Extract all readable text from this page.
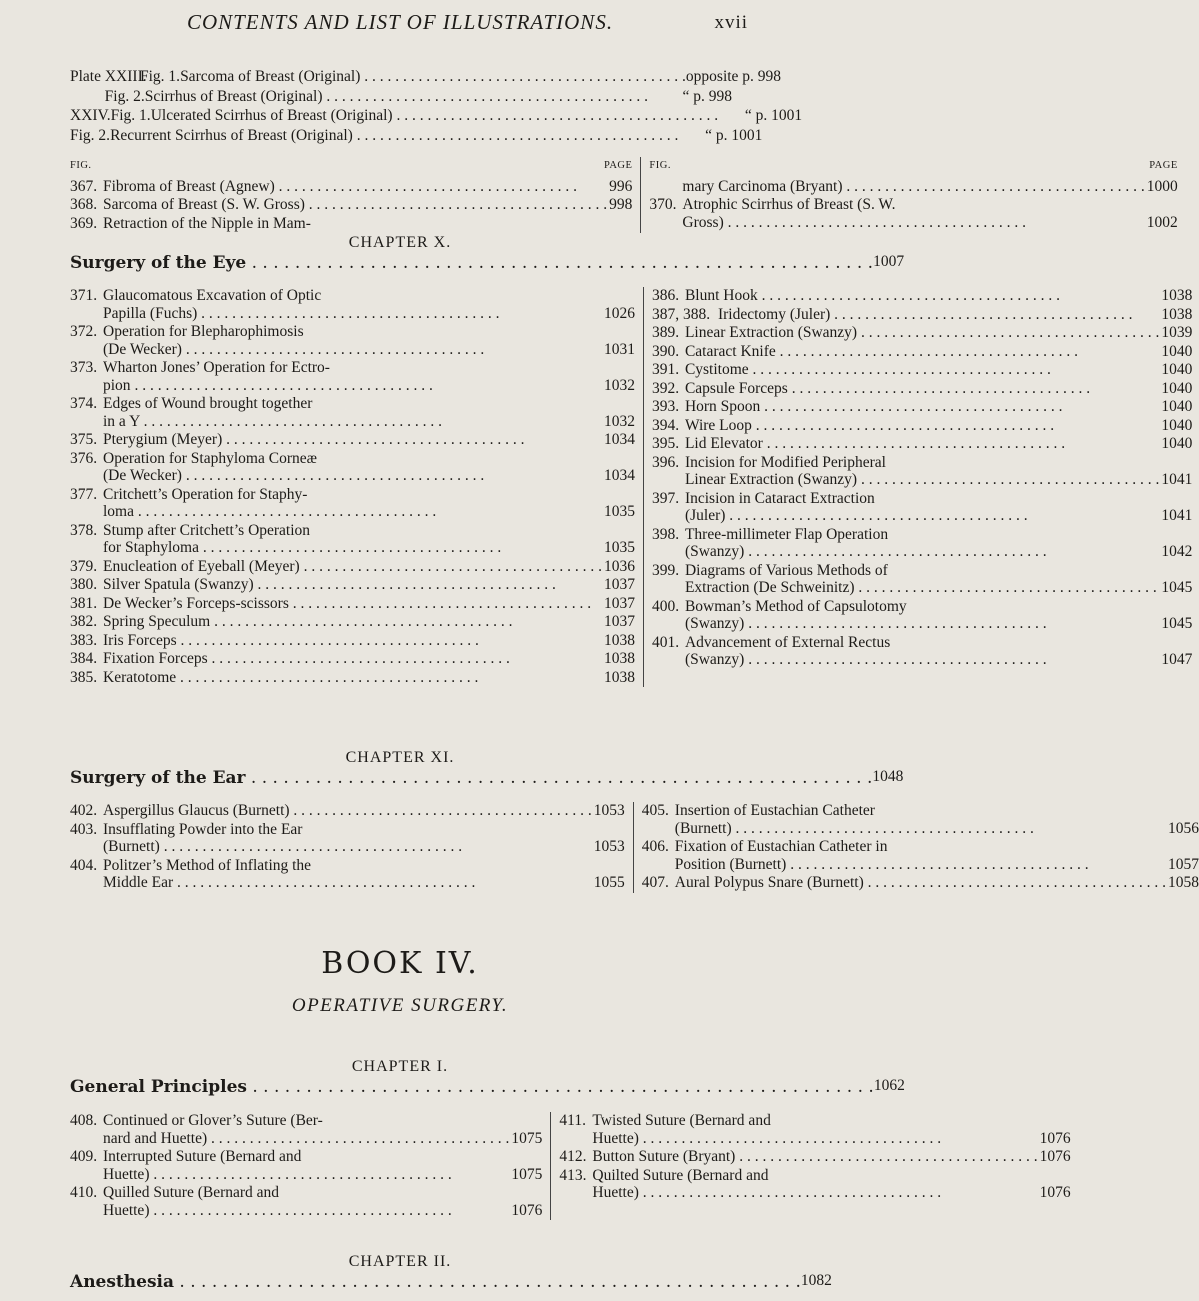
CONTENTS AND LIST OF ILLUSTRATIONS.	xvii
Plate XXIII.
Fig. 1. Sarcoma of Breast (Original) . . .	opposite p. 998
Fig. 2. Scirrhus of Breast (Original) . . .	“ p. 998
XXIV. Fig. 1. Ulcerated Scirrhus of Breast (Original) . . .	“ p. 1001
Fig. 2. Recurrent Scirrhus of Breast (Original) . . .	“ p. 1001
FIG.	PAGE
367. Fibroma of Breast (Agnew) . . .	996
368. Sarcoma of Breast (S. W. Gross) . . .	998
369. Retraction of the Nipple in Mam-
FIG.	PAGE
mary Carcinoma (Bryant) . . .	1000
370. Atrophic Scirrhus of Breast (S. W.
Gross) . . .	1002
CHAPTER X.
Surgery of the Eye . . .	1007
371. Glaucomatous Excavation of Optic
Papilla (Fuchs) . . .	1026
372. Operation for Blepharophimosis
(De Wecker) . . .	1031
373. Wharton Jones’ Operation for Ectro-
pion . . .	1032
374. Edges of Wound brought together
in a Y . . .	1032
375. Pterygium (Meyer) . . .	1034
376. Operation for Staphyloma Corneæ
(De Wecker) . . .	1034
377. Critchett’s Operation for Staphy-
loma . . .	1035
378. Stump after Critchett’s Operation
for Staphyloma . . .	1035
379. Enucleation of Eyeball (Meyer) . . .	1036
380. Silver Spatula (Swanzy) . . .	1037
381. De Wecker’s Forceps-scissors . . .	1037
382. Spring Speculum . . .	1037
383. Iris Forceps . . .	1038
384. Fixation Forceps . . .	1038
385. Keratotome . . .	1038
386. Blunt Hook . . .	1038
387, 388. Iridectomy (Juler) . . .	1038
389. Linear Extraction (Swanzy) . . .	1039
390. Cataract Knife . . .	1040
391. Cystitome . . .	1040
392. Capsule Forceps . . .	1040
393. Horn Spoon . . .	1040
394. Wire Loop . . .	1040
395. Lid Elevator . . .	1040
396. Incision for Modified Peripheral
Linear Extraction (Swanzy) . . .	1041
397. Incision in Cataract Extraction
(Juler) . . .	1041
398. Three-millimeter Flap Operation
(Swanzy) . . .	1042
399. Diagrams of Various Methods of
Extraction (De Schweinitz) . . .	1045
400. Bowman’s Method of Capsulotomy
(Swanzy) . . .	1045
401. Advancement of External Rectus
(Swanzy) . . .	1047
CHAPTER XI.
Surgery of the Ear . . .	1048
402. Aspergillus Glaucus (Burnett) . . .	1053
403. Insufflating Powder into the Ear
(Burnett) . . .	1053
404. Politzer’s Method of Inflating the
Middle Ear . . .	1055
405. Insertion of Eustachian Catheter
(Burnett) . . .	1056
406. Fixation of Eustachian Catheter in
Position (Burnett) . . .	1057
407. Aural Polypus Snare (Burnett) . . .	1058
BOOK IV.
OPERATIVE SURGERY.
CHAPTER I.
General Principles . . .	1062
408. Continued or Glover’s Suture (Ber-
nard and Huette) . . .	1075
409. Interrupted Suture (Bernard and
Huette) . . .	1075
410. Quilled Suture (Bernard and
Huette) . . .	1076
411. Twisted Suture (Bernard and
Huette) . . .	1076
412. Button Suture (Bryant) . . .	1076
413. Quilted Suture (Bernard and
Huette) . . .	1076
CHAPTER II.
Anesthesia . . .	1082
